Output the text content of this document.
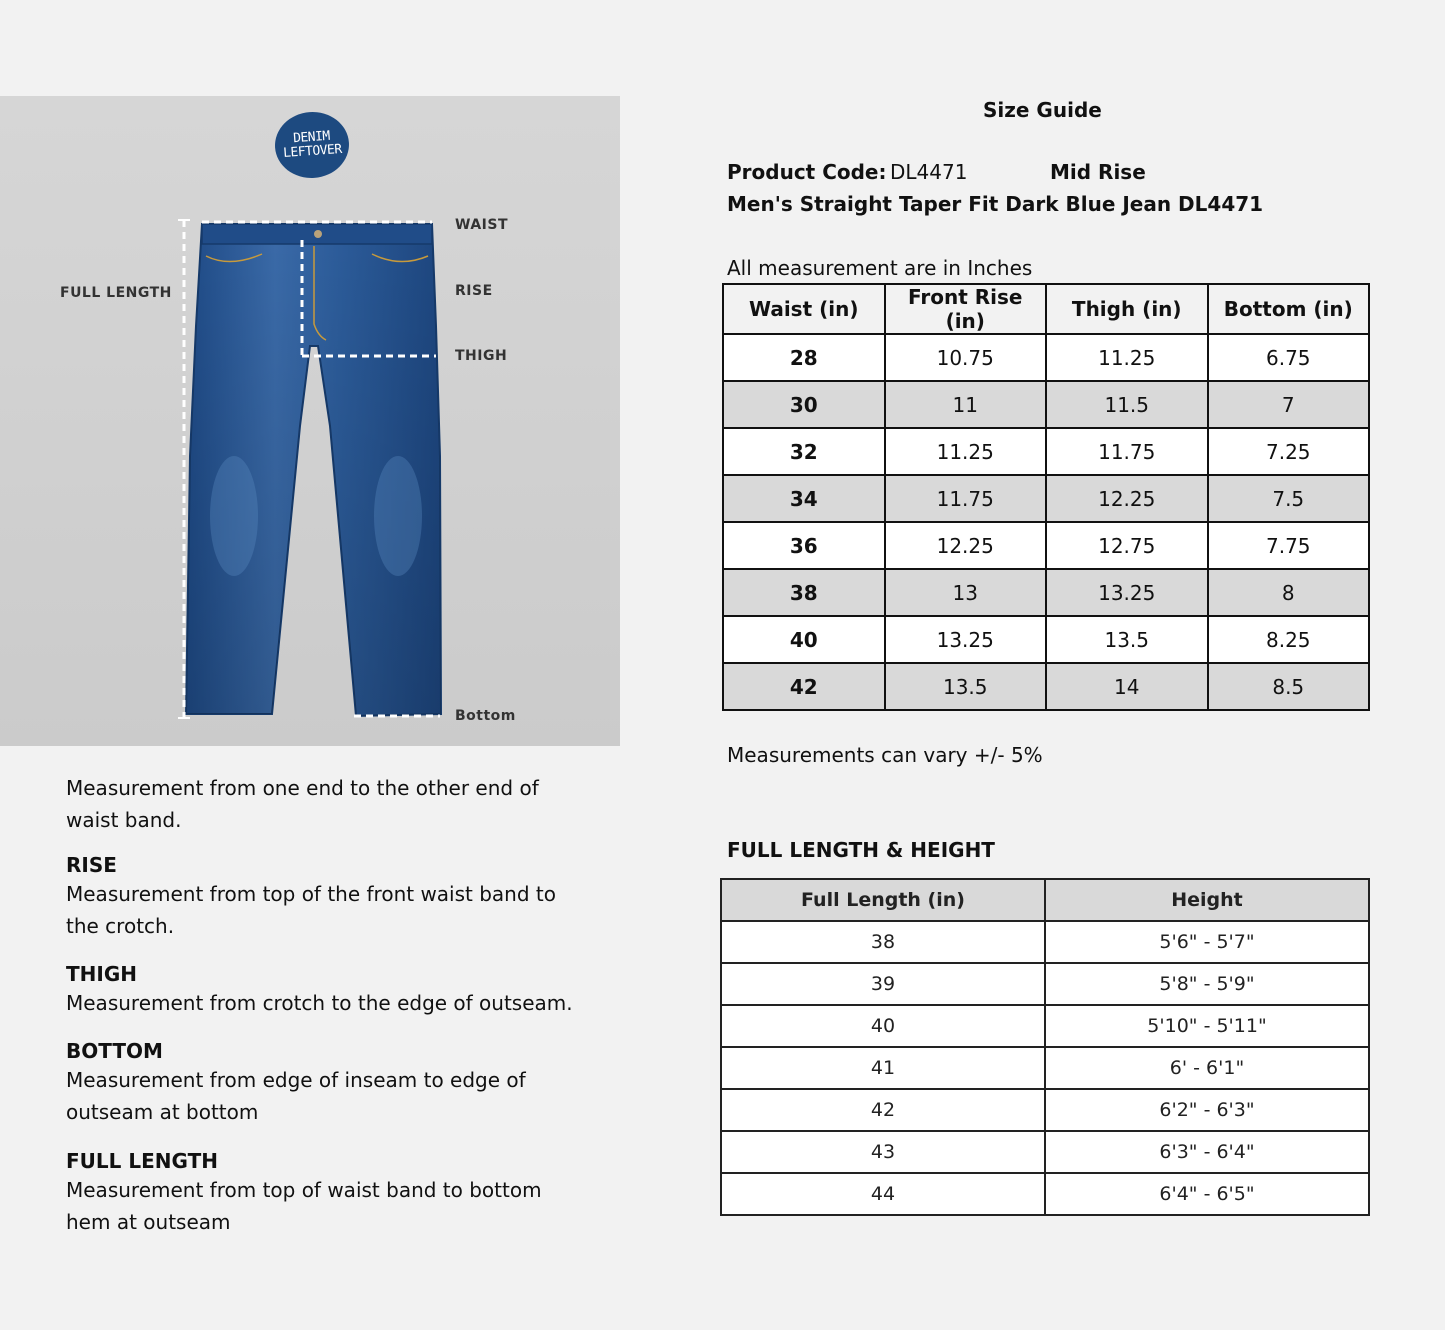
DENIM
LEFTOVER
WAIST
FULL LENGTH	RISE
THIGH
Bottom

Measurement from one end to the other end of

waist band.

RISE

Measurement from top of the front waist band to

the crotch.

THIGH

Measurement from crotch to the edge of outseam.

BOTTOM

Measurement from edge of inseam to edge of

outseam at bottom

FULL LENGTH

Measurement from top of waist band to bottom

hem at outseam

Size Guide
Product Code: DL4471	Mid Rise
Men's Straight Taper Fit Dark Blue Jean DL4471
All measurement are in Inches
Waist (in)	Front Rise (in)	Thigh (in)	Bottom (in)
28	10.75	11.25	6.75
30	11	11.5	7
32	11.25	11.75	7.25
34	11.75	12.25	7.5
36	12.25	12.75	7.75
38	13	13.25	8
40	13.25	13.5	8.25
42	13.5	14	8.5
Measurements can vary +/- 5%
FULL LENGTH & HEIGHT
Full Length (in)	Height
38	5'6" - 5'7"
39	5'8" - 5'9"
40	5'10" - 5'11"
41	6' - 6'1"
42	6'2" - 6'3"
43	6'3" - 6'4"
44	6'4" - 6'5"
